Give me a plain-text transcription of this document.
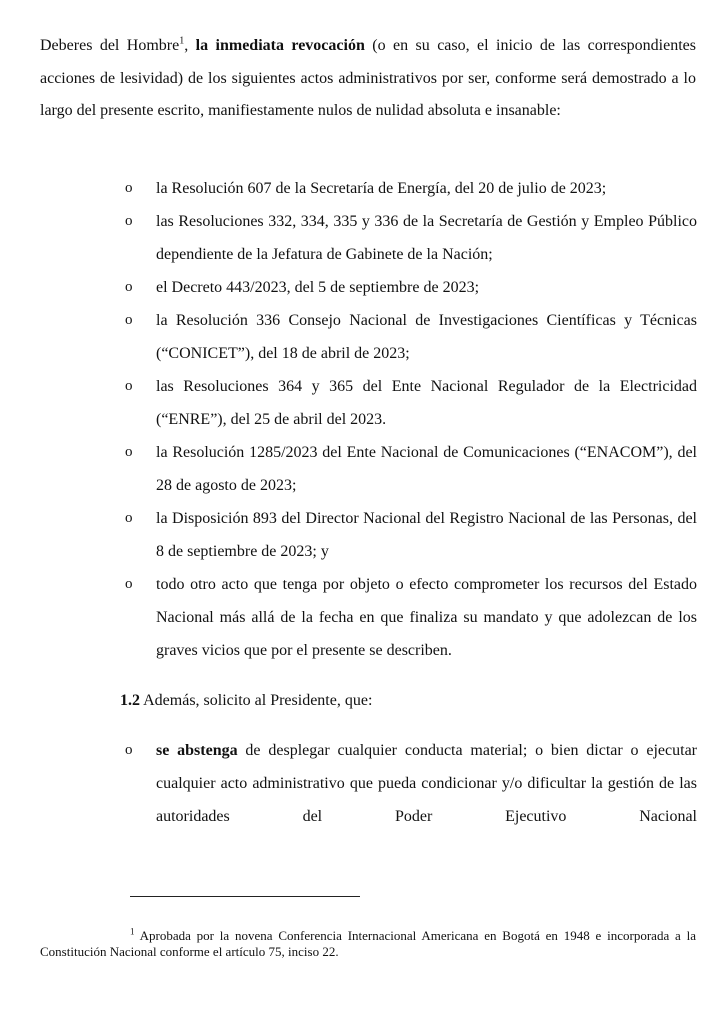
Deberes del Hombre$^1$, la inmediata revocación (o en su caso, el inicio de las correspondientes acciones de lesividad) de los siguientes actos administrativos por ser, conforme será demostrado a lo largo del presente escrito, manifiestamente nulos de nulidad absoluta e insanable:

o la Resolución 607 de la Secretaría de Energía, del 20 de julio de 2023;
o las Resoluciones 332, 334, 335 y 336 de la Secretaría de Gestión y Empleo Público dependiente de la Jefatura de Gabinete de la Nación;
o el Decreto 443/2023, del 5 de septiembre de 2023;
o la Resolución 336 Consejo Nacional de Investigaciones Científicas y Técnicas (“CONICET”), del 18 de abril de 2023;
o las Resoluciones 364 y 365 del Ente Nacional Regulador de la Electricidad (“ENRE”), del 25 de abril del 2023.
o la Resolución 1285/2023 del Ente Nacional de Comunicaciones (“ENACOM”), del 28 de agosto de 2023;
o la Disposición 893 del Director Nacional del Registro Nacional de las Personas, del 8 de septiembre de 2023; y
o todo otro acto que tenga por objeto o efecto comprometer los recursos del Estado Nacional más allá de la fecha en que finaliza su mandato y que adolezcan de los graves vicios que por el presente se describen.

1.2 Además, solicito al Presidente, que:

o se abstenga de desplegar cualquier conducta material; o bien dictar o ejecutar cualquier acto administrativo que pueda condicionar y/o dificultar la gestión de las autoridades del Poder Ejecutivo Nacional

$^1$ Aprobada por la novena Conferencia Internacional Americana en Bogotá en 1948 e incorporada a la Constitución Nacional conforme el artículo 75, inciso 22.
